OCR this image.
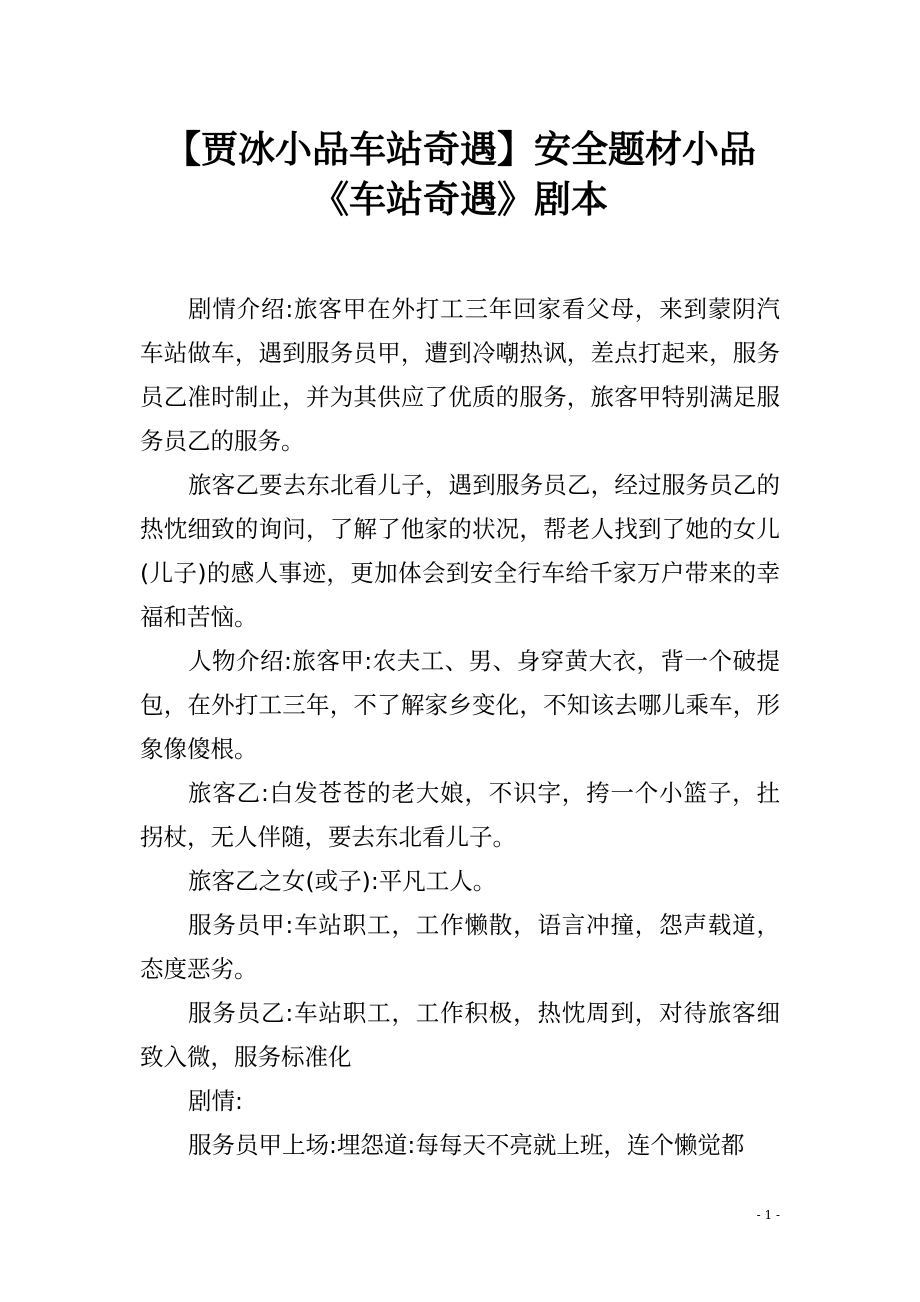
【贾冰小品车站奇遇】安全题材小品《车站奇遇》剧本

剧情介绍:旅客甲在外打工三年回家看父母，来到蒙阴汽车站做车，遇到服务员甲，遭到冷嘲热讽，差点打起来，服务员乙准时制止，并为其供应了优质的服务，旅客甲特别满足服务员乙的服务。

旅客乙要去东北看儿子，遇到服务员乙，经过服务员乙的热忱细致的询问，了解了他家的状况，帮老人找到了她的女儿(儿子)的感人事迹，更加体会到安全行车给千家万户带来的幸福和苦恼。

人物介绍:旅客甲:农夫工、男、身穿黄大衣，背一个破提包，在外打工三年，不了解家乡变化，不知该去哪儿乘车，形象像傻根。

旅客乙:白发苍苍的老大娘，不识字，挎一个小篮子，扗拐杖，无人伴随，要去东北看儿子。

旅客乙之女(或子):平凡工人。

服务员甲:车站职工，工作懒散，语言冲撞，怨声载道，态度恶劣。

服务员乙:车站职工，工作积极，热忱周到，对待旅客细致入微，服务标准化

剧情:

服务员甲上场:埋怨道:每每天不亮就上班，连个懒觉都

- 1 -
